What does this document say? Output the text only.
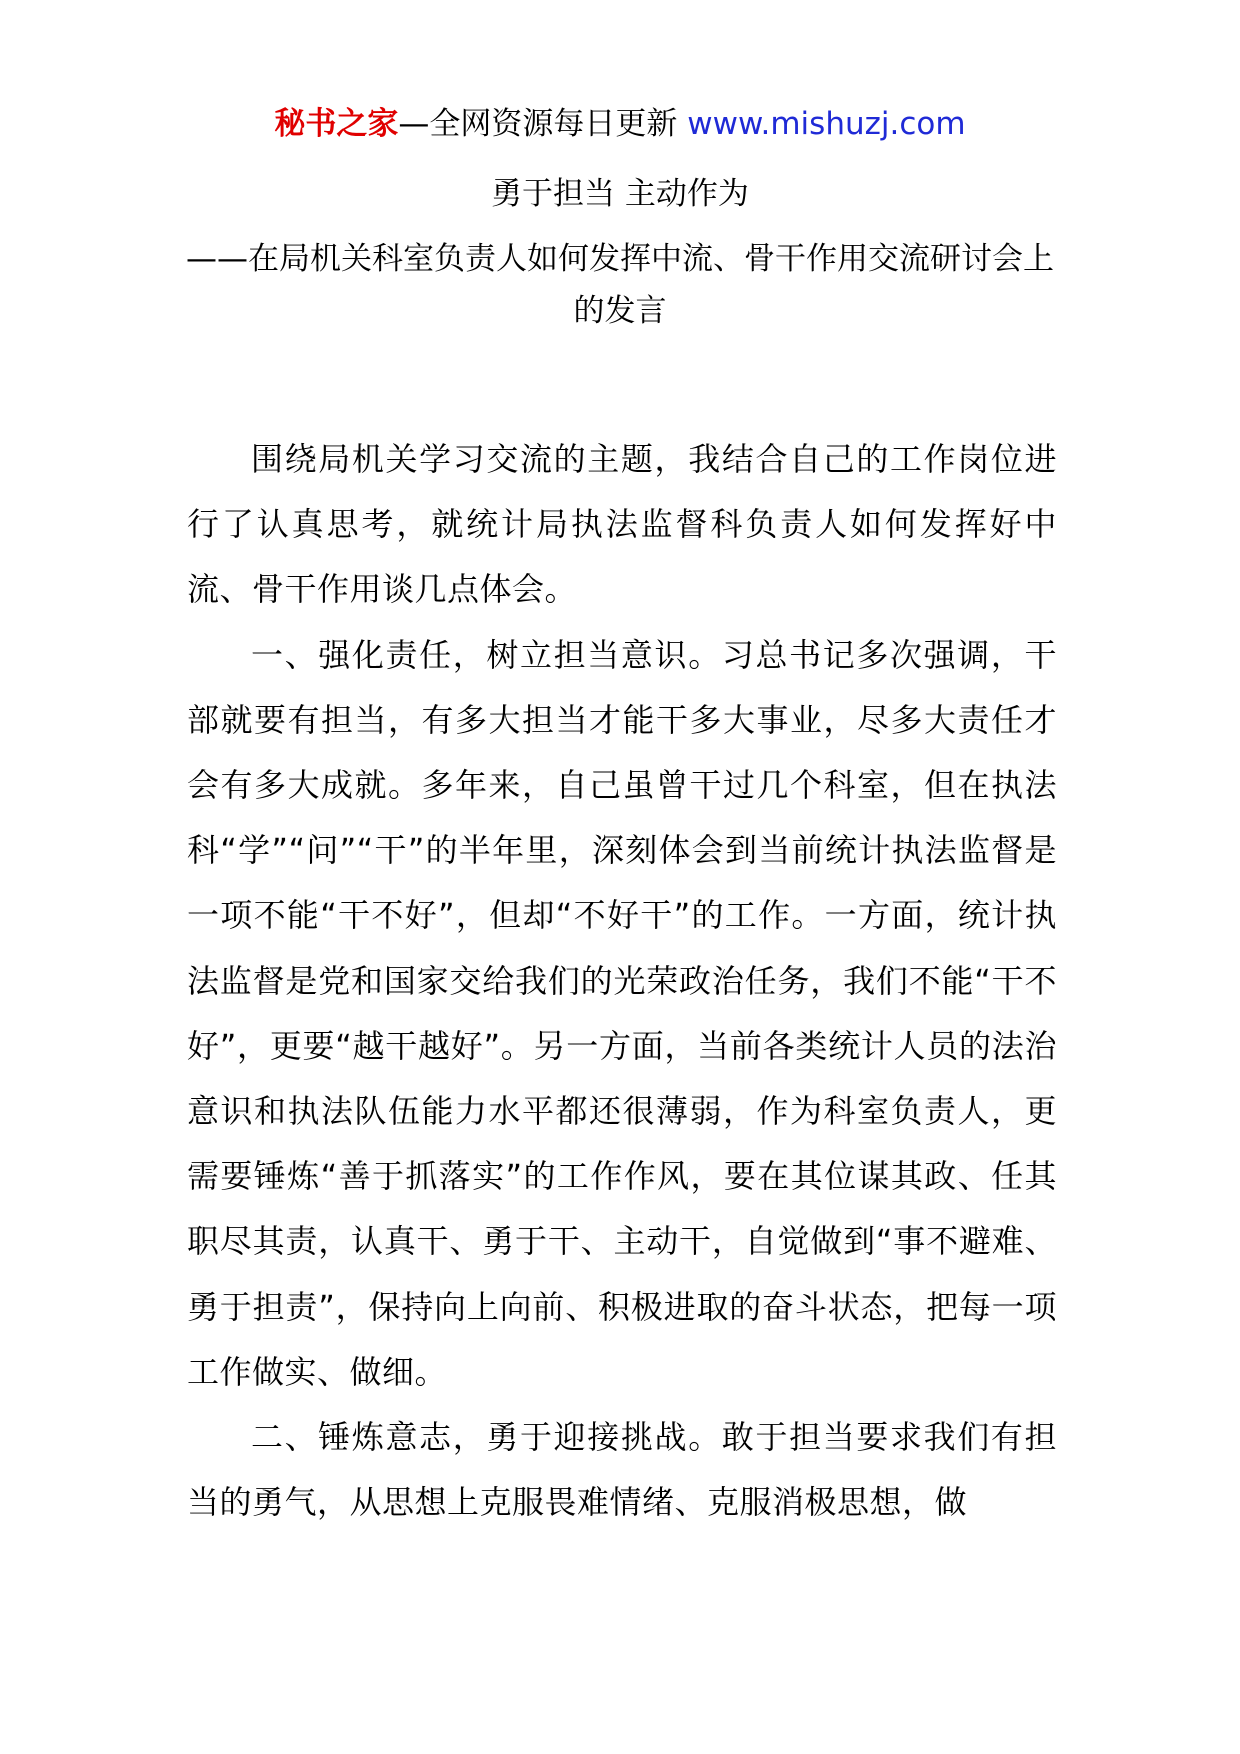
秘书之家—全网资源每日更新 www.mishuzj.com
勇于担当 主动作为
——在局机关科室负责人如何发挥中流、骨干作用交流研讨会上的发言

围绕局机关学习交流的主题，我结合自己的工作岗位进行了认真思考，就统计局执法监督科负责人如何发挥好中流、骨干作用谈几点体会。

一、强化责任，树立担当意识。习总书记多次强调，干部就要有担当，有多大担当才能干多大事业，尽多大责任才会有多大成就。多年来，自己虽曾干过几个科室，但在执法科“学”“问”“干”的半年里，深刻体会到当前统计执法监督是一项不能“干不好”，但却“不好干”的工作。一方面，统计执法监督是党和国家交给我们的光荣政治任务，我们不能“干不好”，更要“越干越好”。另一方面，当前各类统计人员的法治意识和执法队伍能力水平都还很薄弱，作为科室负责人，更需要锤炼“善于抓落实”的工作作风，要在其位谋其政、任其职尽其责，认真干、勇于干、主动干，自觉做到“事不避难、勇于担责”，保持向上向前、积极进取的奋斗状态，把每一项工作做实、做细。

二、锤炼意志，勇于迎接挑战。敢于担当要求我们有担当的勇气，从思想上克服畏难情绪、克服消极思想，做
